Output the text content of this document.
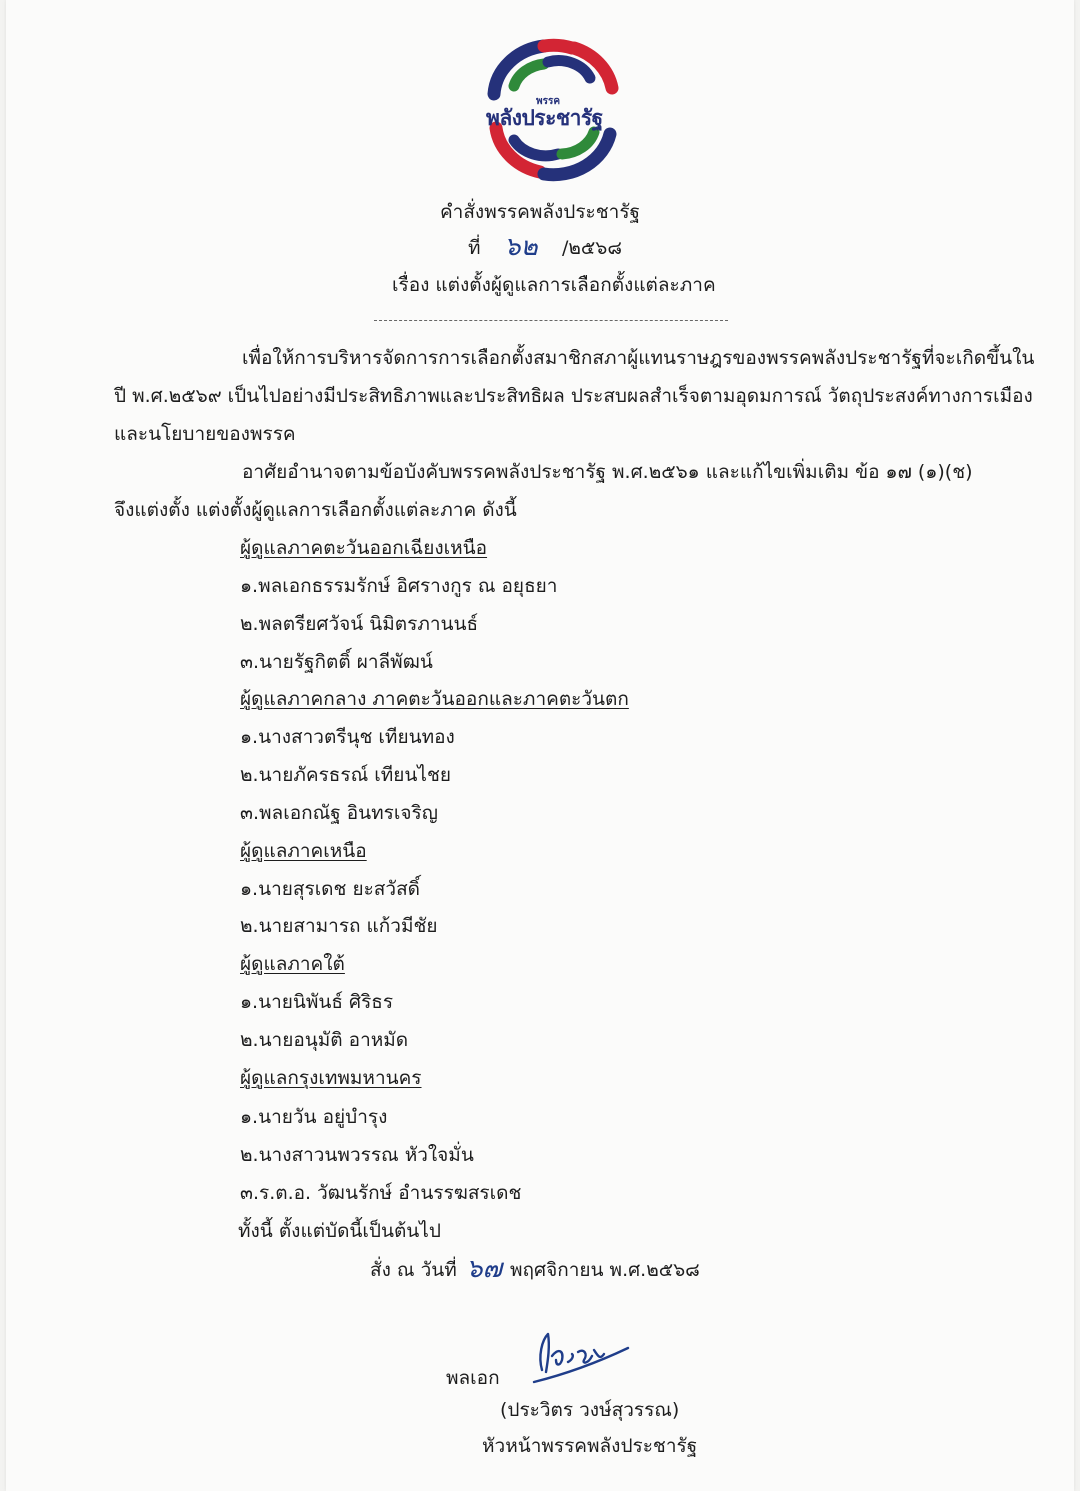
พรรค
พลังประชารัฐ
คำสั่งพรรคพลังประชารัฐ
ที่ ๖๒ /๒๕๖๘
เรื่อง แต่งตั้งผู้ดูแลการเลือกตั้งแต่ละภาค
เพื่อให้การบริหารจัดการการเลือกตั้งสมาชิกสภาผู้แทนราษฎรของพรรคพลังประชารัฐที่จะเกิดขึ้นใน
ปี พ.ศ.๒๕๖๙ เป็นไปอย่างมีประสิทธิภาพและประสิทธิผล ประสบผลสำเร็จตามอุดมการณ์ วัตถุประสงค์ทางการเมือง
และนโยบายของพรรค
อาศัยอำนาจตามข้อบังคับพรรคพลังประชารัฐ พ.ศ.๒๕๖๑ และแก้ไขเพิ่มเติม ข้อ ๑๗ (๑)(ช)
จึงแต่งตั้ง แต่งตั้งผู้ดูแลการเลือกตั้งแต่ละภาค ดังนี้
ผู้ดูแลภาคตะวันออกเฉียงเหนือ
๑.พลเอกธรรมรักษ์ อิศรางกูร ณ อยุธยา
๒.พลตรียศวัจน์ นิมิตรภานนธ์
๓.นายรัฐกิตติ์ ผาลีพัฒน์
ผู้ดูแลภาคกลาง ภาคตะวันออกและภาคตะวันตก
๑.นางสาวตรีนุช เทียนทอง
๒.นายภัครธรณ์ เทียนไชย
๓.พลเอกณัฐ อินทรเจริญ
ผู้ดูแลภาคเหนือ
๑.นายสุรเดช ยะสวัสดิ์
๒.นายสามารถ แก้วมีชัย
ผู้ดูแลภาคใต้
๑.นายนิพันธ์ ศิริธร
๒.นายอนุมัติ อาหมัด
ผู้ดูแลกรุงเทพมหานคร
๑.นายวัน อยู่บำรุง
๒.นางสาวนพวรรณ หัวใจมั่น
๓.ร.ต.อ. วัฒนรักษ์ อำนรรฆสรเดช
ทั้งนี้ ตั้งแต่บัดนี้เป็นต้นไป
สั่ง ณ วันที่ ๖๗ พฤศจิกายน พ.ศ.๒๕๖๘
พลเอก
(ประวิตร วงษ์สุวรรณ)
หัวหน้าพรรคพลังประชารัฐ
